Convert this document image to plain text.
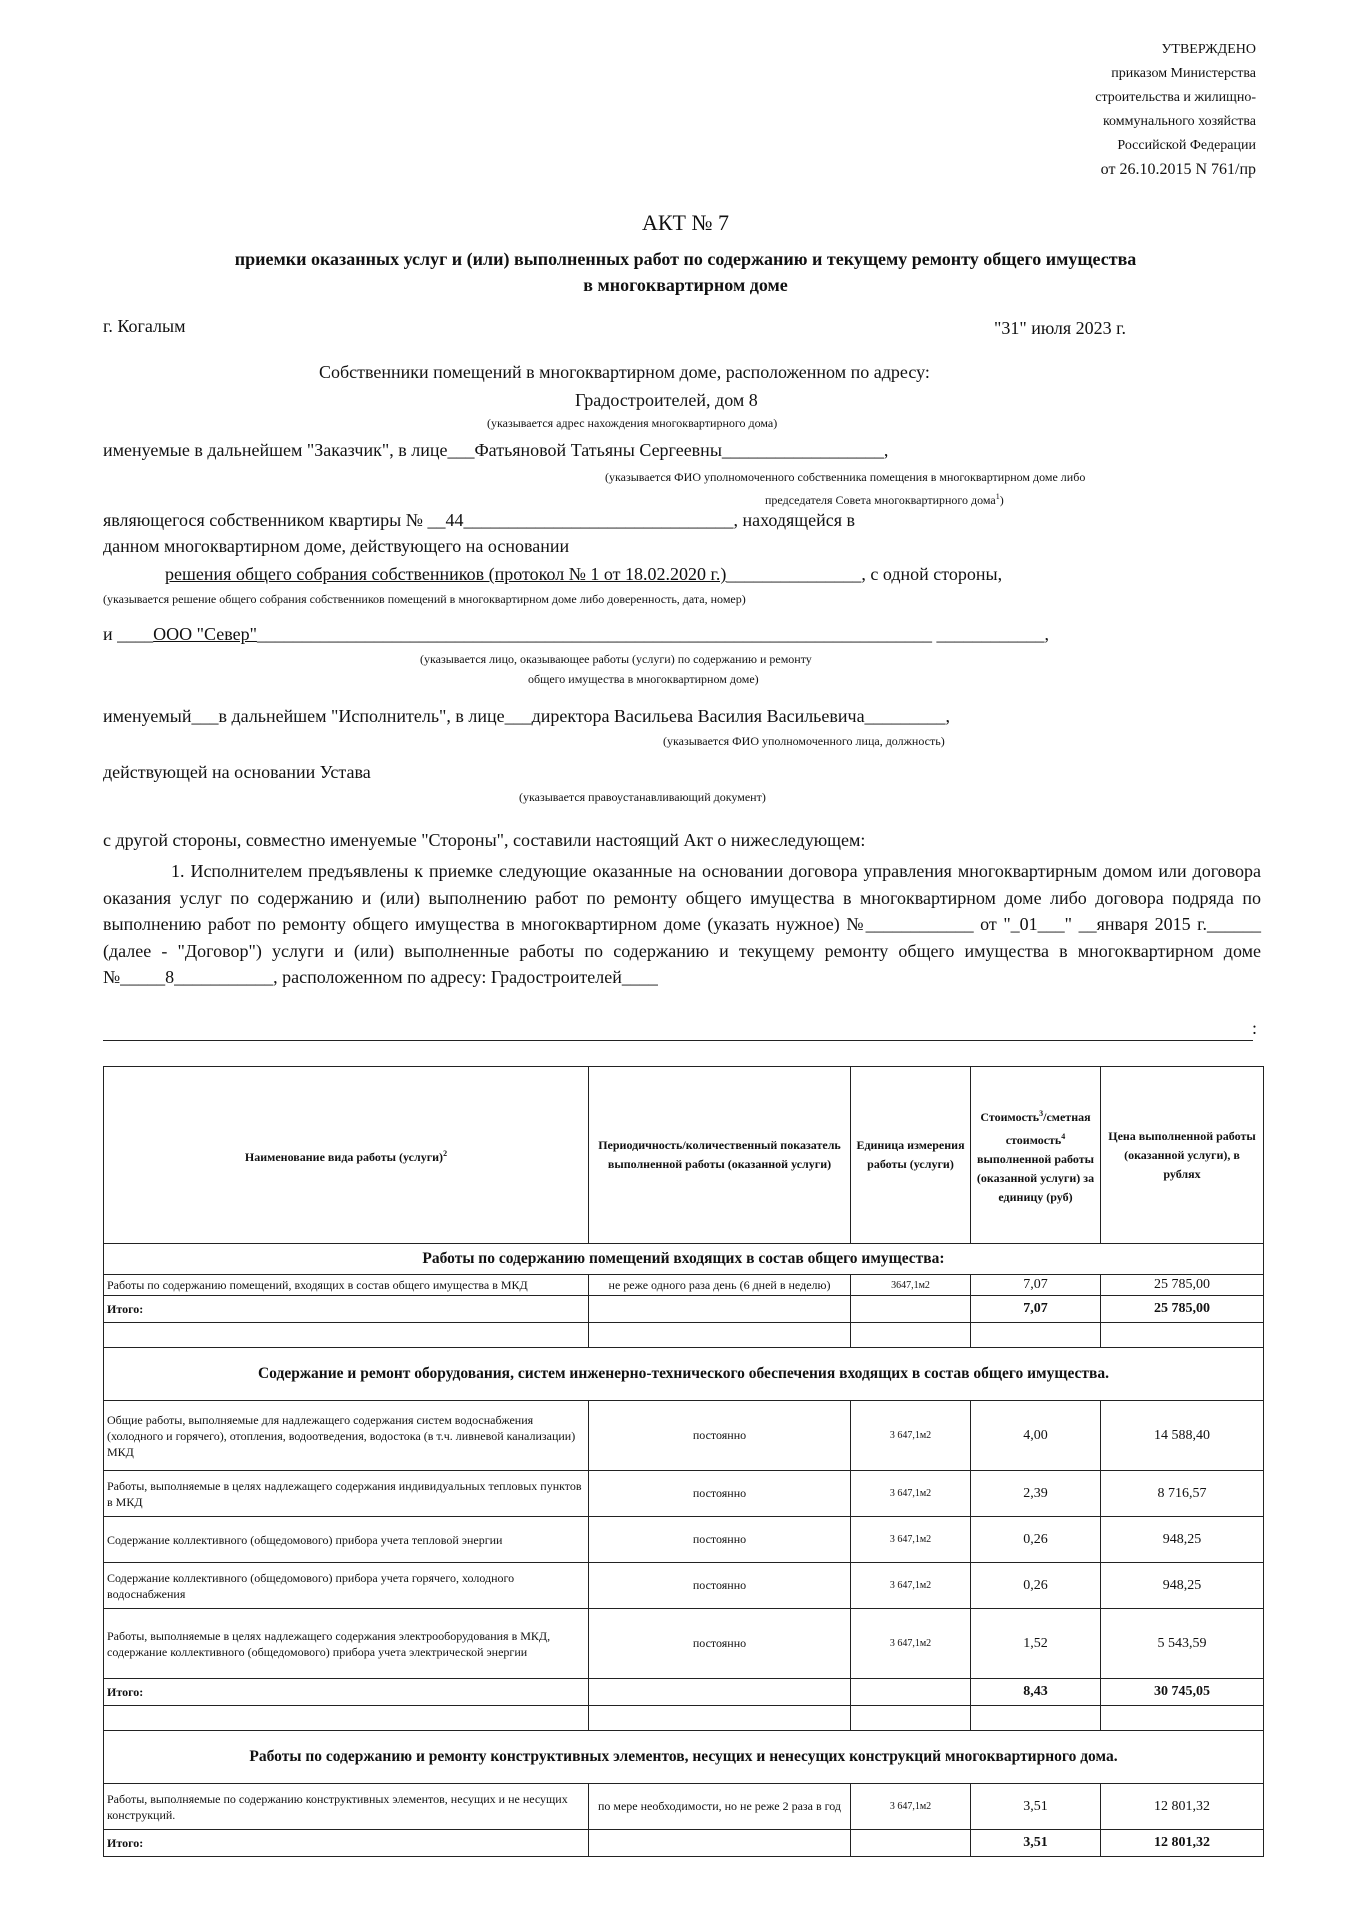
УТВЕРЖДЕНО
приказом Министерства
строительства и жилищно-
коммунального хозяйства
Российской Федерации
от 26.10.2015 N 761/пр
АКТ № 7
приемки оказанных услуг и (или) выполненных работ по содержанию и текущему ремонту общего имущества
в многоквартирном доме
г. Когалым	"31" июля 2023 г.
Собственники помещений в многоквартирном доме, расположенном по адресу:
Градостроителей, дом 8
(указывается адрес нахождения многоквартирного дома)
именуемые в дальнейшем "Заказчик", в лице___Фатьяновой Татьяны Сергеевны__________________,
(указывается ФИО уполномоченного собственника помещения в многоквартирном доме либо
председателя Совета многоквартирного дома$^1$)
являющегося собственником квартиры № __44______________________________, находящейся в
данном многоквартирном доме, действующего на основании
решения общего собрания собственников (протокол № 1 от 18.02.2020 г.)_______________, с одной стороны,
(указывается решение общего собрания собственников помещений в многоквартирном доме либо доверенность, дата, номер)
и ____ООО "Север"___________________________________________________________________________ ____________,
(указывается лицо, оказывающее работы (услуги) по содержанию и ремонту
общего имущества в многоквартирном доме)
именуемый___в дальнейшем "Исполнитель", в лице___директора Васильева Василия Васильевича_________,
(указывается ФИО уполномоченного лица, должность)
действующей на основании Устава
(указывается правоустанавливающий документ)
с другой стороны, совместно именуемые "Стороны", составили настоящий Акт о нижеследующем:
1. Исполнителем предъявлены к приемке следующие оказанные на основании договора управления многоквартирным домом или договора оказания услуг по содержанию и (или) выполнению работ по ремонту общего имущества в многоквартирном доме либо договора подряда по выполнению работ по ремонту общего имущества в многоквартирном доме (указать нужное) №____________ от "_01___" __января 2015 г.______ (далее - "Договор") услуги и (или) выполненные работы по содержанию и текущему ремонту общего имущества в многоквартирном доме №_____8___________, расположенном по адресу: Градостроителей____
:
Наименование вида работы (услуги)$^2$	Периодичность/количественный показатель выполненной работы (оказанной услуги)	Единица измерения работы (услуги)	Стоимость$^3$/сметная стоимость$^4$ выполненной работы (оказанной услуги) за единицу (руб)	Цена выполненной работы (оказанной услуги), в рублях
Работы по содержанию помещений входящих в состав общего имущества:				
Работы по содержанию помещений, входящих в состав общего имущества в МКД	не реже одного раза день (6 дней в неделю)	3647,1м2	7,07	25 785,00
Итого:			7,07	25 785,00

Содержание и ремонт оборудования, систем инженерно-технического обеспечения входящих в состав общего имущества.				
Общие работы, выполняемые для надлежащего содержания систем водоснабжения (холодного и горячего), отопления, водоотведения, водостока (в т.ч. ливневой канализации) МКД	постоянно	3 647,1м2	4,00	14 588,40
Работы, выполняемые в целях надлежащего содержания индивидуальных тепловых пунктов в МКД	постоянно	3 647,1м2	2,39	8 716,57
Содержание коллективного (общедомового) прибора учета тепловой энергии	постоянно	3 647,1м2	0,26	948,25
Содержание коллективного (общедомового) прибора учета горячего, холодного водоснабжения	постоянно	3 647,1м2	0,26	948,25
Работы, выполняемые в целях надлежащего содержания электрооборудования в МКД, содержание коллективного (общедомового) прибора учета электрической энергии	постоянно	3 647,1м2	1,52	5 543,59
Итого:			8,43	30 745,05

Работы по содержанию и ремонту конструктивных элементов, несущих и ненесущих конструкций многоквартирного дома.				
Работы, выполняемые по содержанию конструктивных элементов, несущих и не несущих конструкций.	по мере необходимости, но не реже 2 раза в год	3 647,1м2	3,51	12 801,32
Итого:			3,51	12 801,32
